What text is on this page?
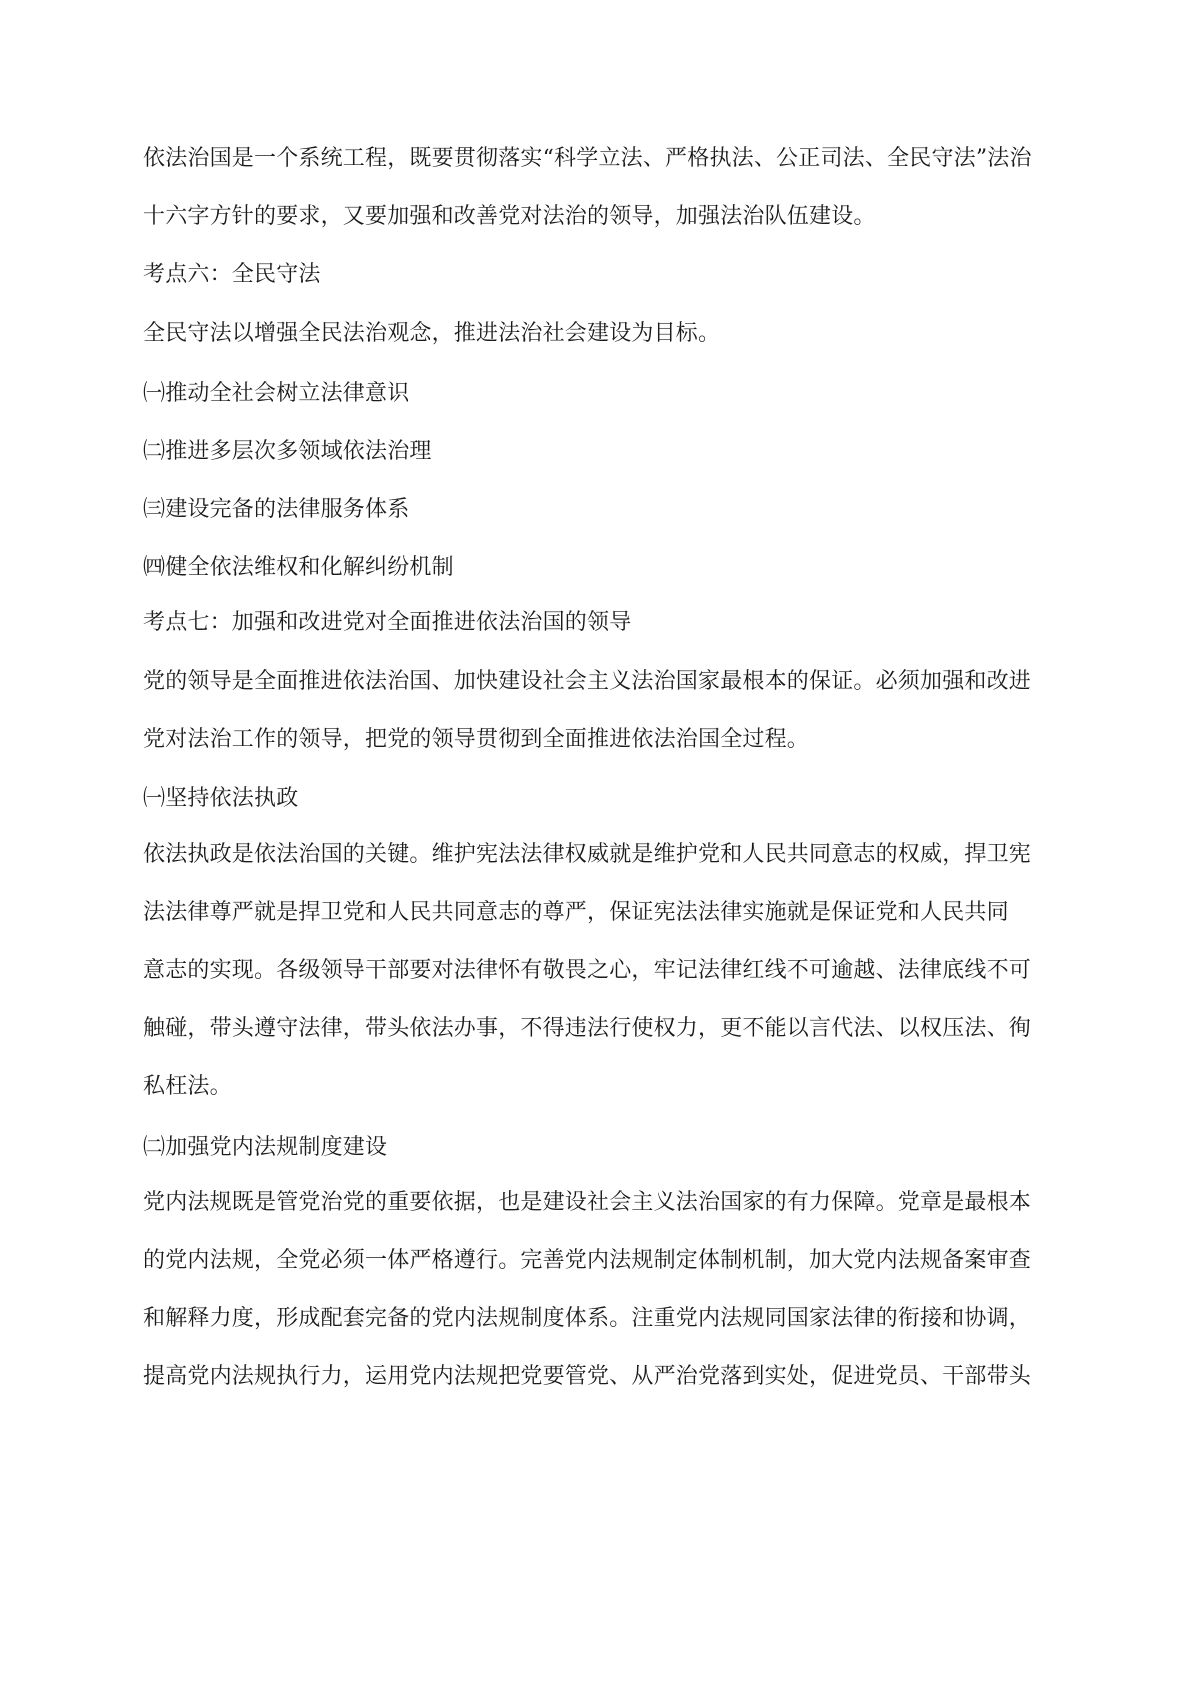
依法治国是一个系统工程，既要贯彻落实“科学立法、严格执法、公正司法、全民守法”法治
十六字方针的要求，又要加强和改善党对法治的领导，加强法治队伍建设。
考点六：全民守法
全民守法以增强全民法治观念，推进法治社会建设为目标。
㈠推动全社会树立法律意识
㈡推进多层次多领域依法治理
㈢建设完备的法律服务体系
㈣健全依法维权和化解纠纷机制
考点七：加强和改进党对全面推进依法治国的领导
党的领导是全面推进依法治国、加快建设社会主义法治国家最根本的保证。必须加强和改进
党对法治工作的领导，把党的领导贯彻到全面推进依法治国全过程。
㈠坚持依法执政
依法执政是依法治国的关键。维护宪法法律权威就是维护党和人民共同意志的权威，捍卫宪
法法律尊严就是捍卫党和人民共同意志的尊严，保证宪法法律实施就是保证党和人民共同
意志的实现。各级领导干部要对法律怀有敬畏之心，牢记法律红线不可逾越、法律底线不可
触碰，带头遵守法律，带头依法办事，不得违法行使权力，更不能以言代法、以权压法、徇
私枉法。
㈡加强党内法规制度建设
党内法规既是管党治党的重要依据，也是建设社会主义法治国家的有力保障。党章是最根本
的党内法规，全党必须一体严格遵行。完善党内法规制定体制机制，加大党内法规备案审查
和解释力度，形成配套完备的党内法规制度体系。注重党内法规同国家法律的衔接和协调，
提高党内法规执行力，运用党内法规把党要管党、从严治党落到实处，促进党员、干部带头
